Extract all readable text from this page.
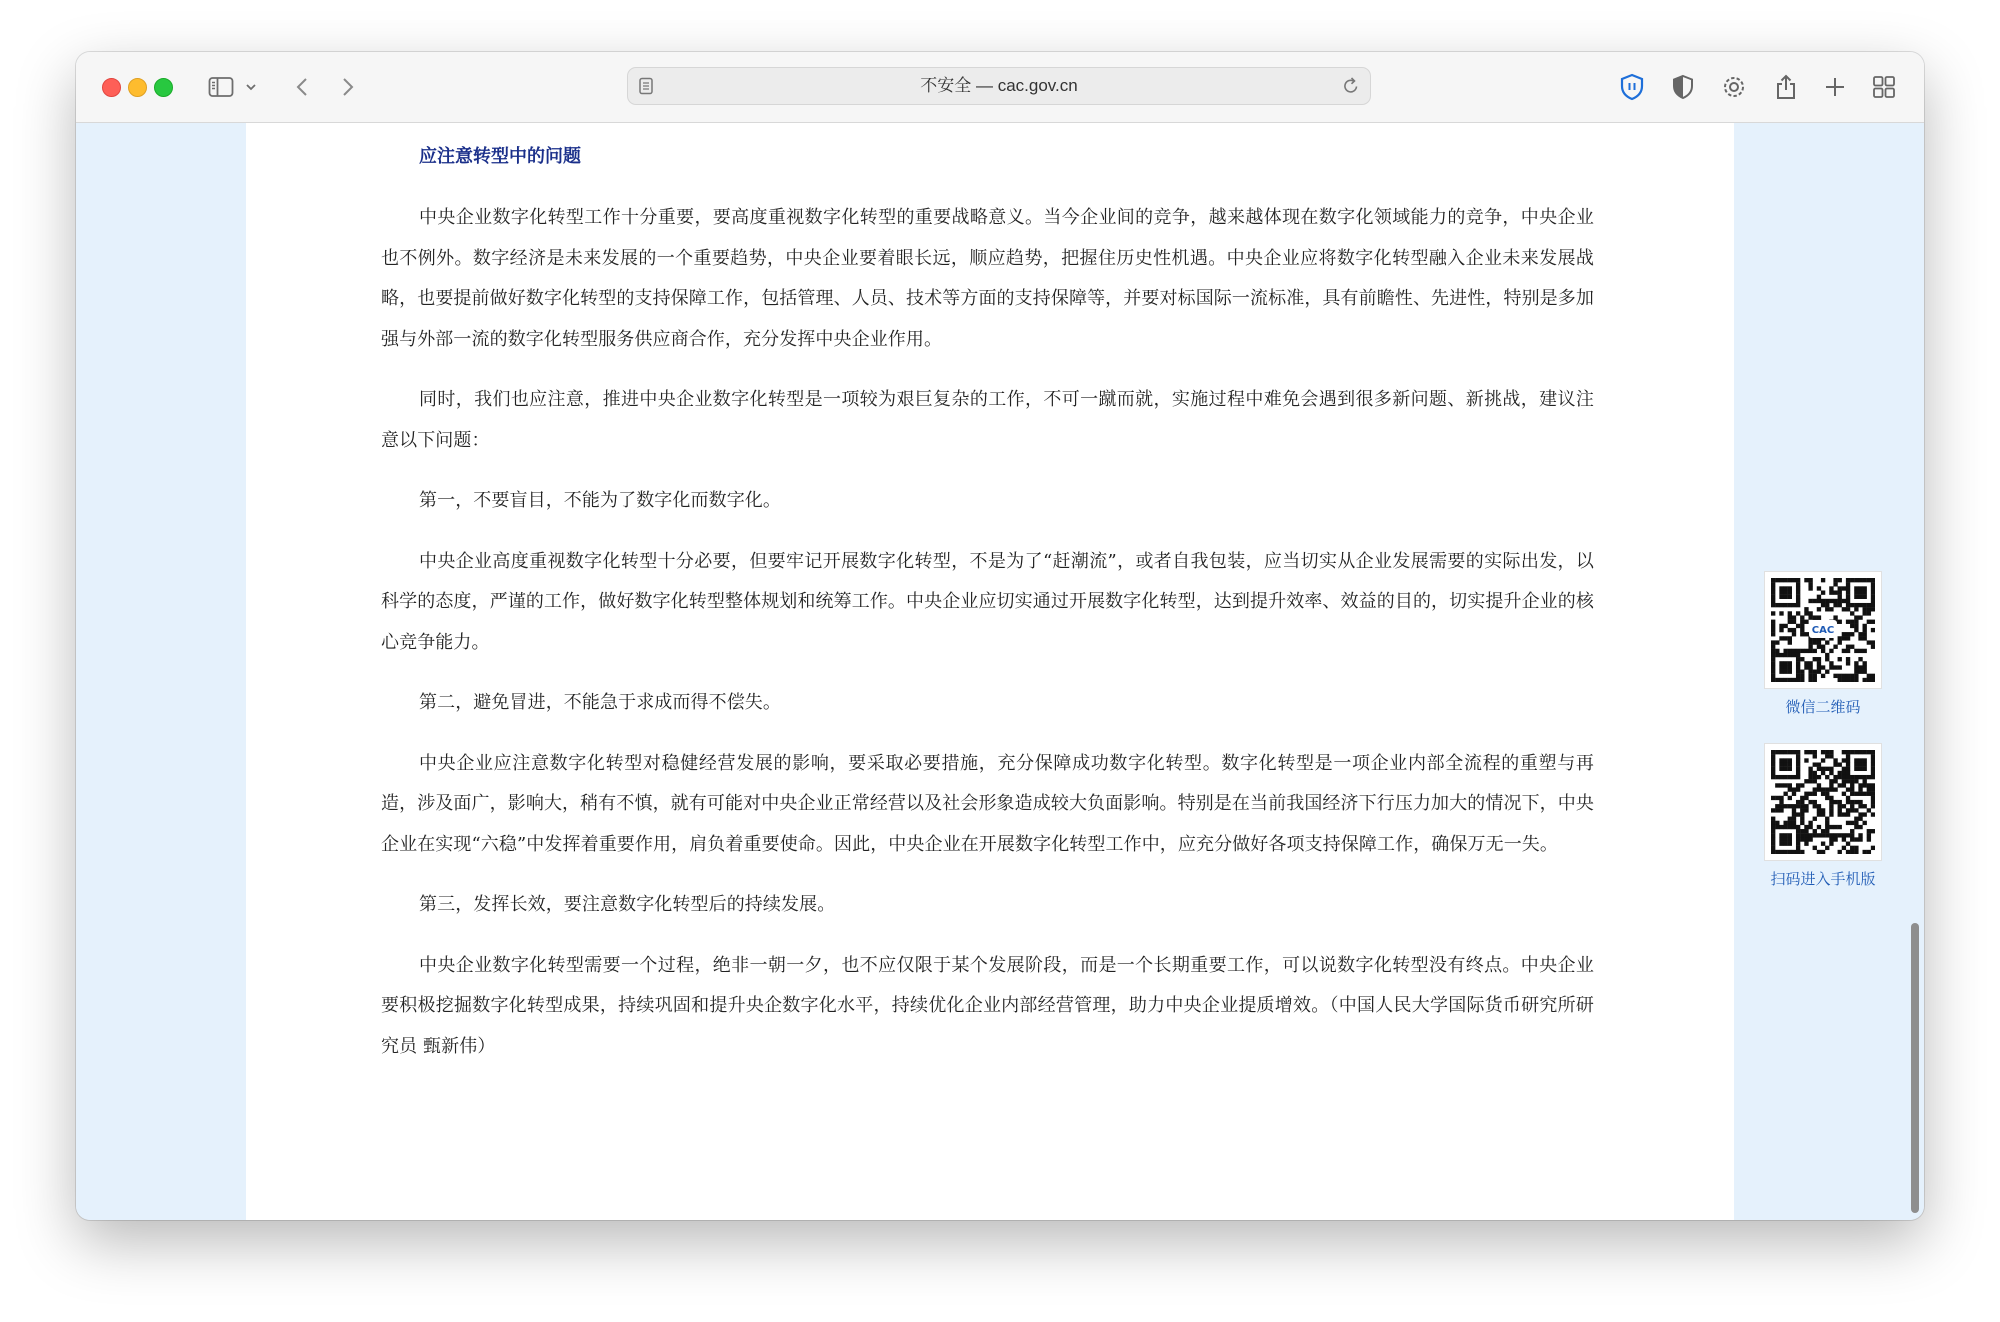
不安全 — cac.gov.cn
应注意转型中的问题

中央企业数字化转型工作十分重要，要高度重视数字化转型的重要战略意义。当今企业间的竞争，越来越体现在数字化领域能力的竞争，中央企业也不例外。数字经济是未来发展的一个重要趋势，中央企业要着眼长远，顺应趋势，把握住历史性机遇。中央企业应将数字化转型融入企业未来发展战略，也要提前做好数字化转型的支持保障工作，包括管理、人员、技术等方面的支持保障等，并要对标国际一流标准，具有前瞻性、先进性，特别是多加强与外部一流的数字化转型服务供应商合作，充分发挥中央企业作用。

同时，我们也应注意，推进中央企业数字化转型是一项较为艰巨复杂的工作，不可一蹴而就，实施过程中难免会遇到很多新问题、新挑战，建议注意以下问题：

第一，不要盲目，不能为了数字化而数字化。

中央企业高度重视数字化转型十分必要，但要牢记开展数字化转型，不是为了“赶潮流”，或者自我包装，应当切实从企业发展需要的实际出发，以科学的态度，严谨的工作，做好数字化转型整体规划和统筹工作。中央企业应切实通过开展数字化转型，达到提升效率、效益的目的，切实提升企业的核心竞争能力。

第二，避免冒进，不能急于求成而得不偿失。

中央企业应注意数字化转型对稳健经营发展的影响，要采取必要措施，充分保障成功数字化转型。数字化转型是一项企业内部全流程的重塑与再造，涉及面广，影响大，稍有不慎，就有可能对中央企业正常经营以及社会形象造成较大负面影响。特别是在当前我国经济下行压力加大的情况下，中央企业在实现“六稳”中发挥着重要作用，肩负着重要使命。因此，中央企业在开展数字化转型工作中，应充分做好各项支持保障工作，确保万无一失。

第三，发挥长效，要注意数字化转型后的持续发展。

中央企业数字化转型需要一个过程，绝非一朝一夕，也不应仅限于某个发展阶段，而是一个长期重要工作，可以说数字化转型没有终点。中央企业要积极挖掘数字化转型成果，持续巩固和提升央企数字化水平，持续优化企业内部经营管理，助力中央企业提质增效。（中国人民大学国际货币研究所研究员 甄新伟）

CAC
微信二维码
扫码进入手机版
